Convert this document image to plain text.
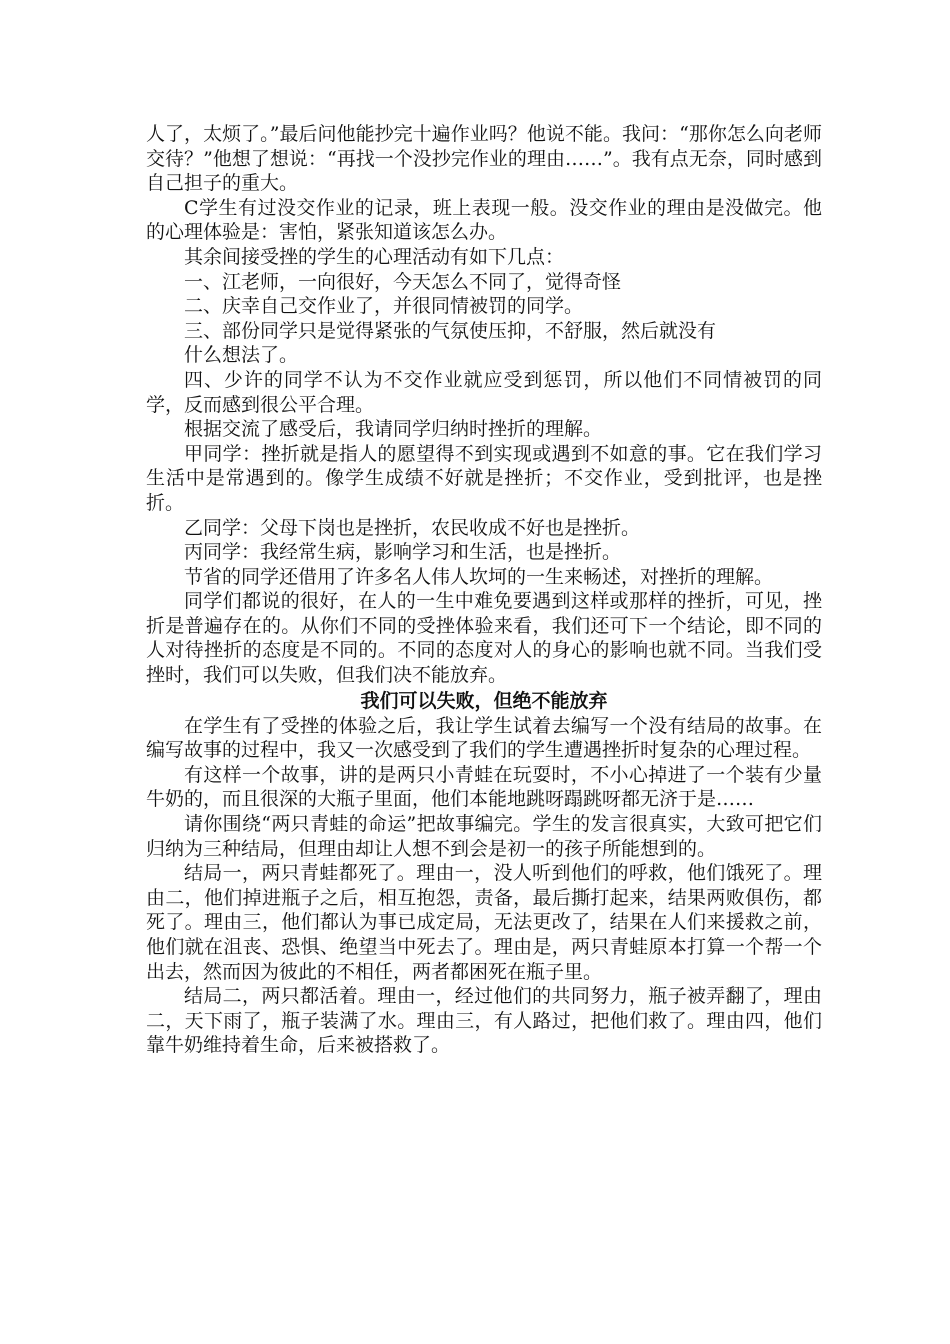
人了，太烦了。”最后问他能抄完十遍作业吗？他说不能。我问：“那你怎么向老师交待？”他想了想说：“再找一个没抄完作业的理由……”。我有点无奈，同时感到自己担子的重大。

C学生有过没交作业的记录，班上表现一般。没交作业的理由是没做完。他的心理体验是：害怕，紧张知道该怎么办。

其余间接受挫的学生的心理活动有如下几点：

一、江老师，一向很好，今天怎么不同了，觉得奇怪

二、庆幸自己交作业了，并很同情被罚的同学。

三、部份同学只是觉得紧张的气氛使压抑，不舒服，然后就没有

什么想法了。

四、少许的同学不认为不交作业就应受到惩罚，所以他们不同情被罚的同学，反而感到很公平合理。

根据交流了感受后，我请同学归纳时挫折的理解。

甲同学：挫折就是指人的愿望得不到实现或遇到不如意的事。它在我们学习生活中是常遇到的。像学生成绩不好就是挫折；不交作业，受到批评，也是挫折。

乙同学：父母下岗也是挫折，农民收成不好也是挫折。

丙同学：我经常生病，影响学习和生活，也是挫折。

节省的同学还借用了许多名人伟人坎坷的一生来畅述，对挫折的理解。

同学们都说的很好，在人的一生中难免要遇到这样或那样的挫折，可见，挫折是普遍存在的。从你们不同的受挫体验来看，我们还可下一个结论，即不同的人对待挫折的态度是不同的。不同的态度对人的身心的影响也就不同。当我们受挫时，我们可以失败，但我们决不能放弃。

我们可以失败，但绝不能放弃

在学生有了受挫的体验之后，我让学生试着去编写一个没有结局的故事。在编写故事的过程中，我又一次感受到了我们的学生遭遇挫折时复杂的心理过程。

有这样一个故事，讲的是两只小青蛙在玩耍时，不小心掉进了一个装有少量牛奶的，而且很深的大瓶子里面，他们本能地跳呀蹋跳呀都无济于是……

请你围绕“两只青蛙的命运”把故事编完。学生的发言很真实，大致可把它们归纳为三种结局，但理由却让人想不到会是初一的孩子所能想到的。

结局一，两只青蛙都死了。理由一，没人听到他们的呼救，他们饿死了。理由二，他们掉进瓶子之后，相互抱怨，责备，最后撕打起来，结果两败俱伤，都死了。理由三，他们都认为事已成定局，无法更改了，结果在人们来援救之前，他们就在沮丧、恐惧、绝望当中死去了。理由是，两只青蛙原本打算一个帮一个出去，然而因为彼此的不相任，两者都困死在瓶子里。

结局二，两只都活着。理由一，经过他们的共同努力，瓶子被弄翻了，理由二，天下雨了，瓶子装满了水。理由三，有人路过，把他们救了。理由四，他们靠牛奶维持着生命，后来被搭救了。
